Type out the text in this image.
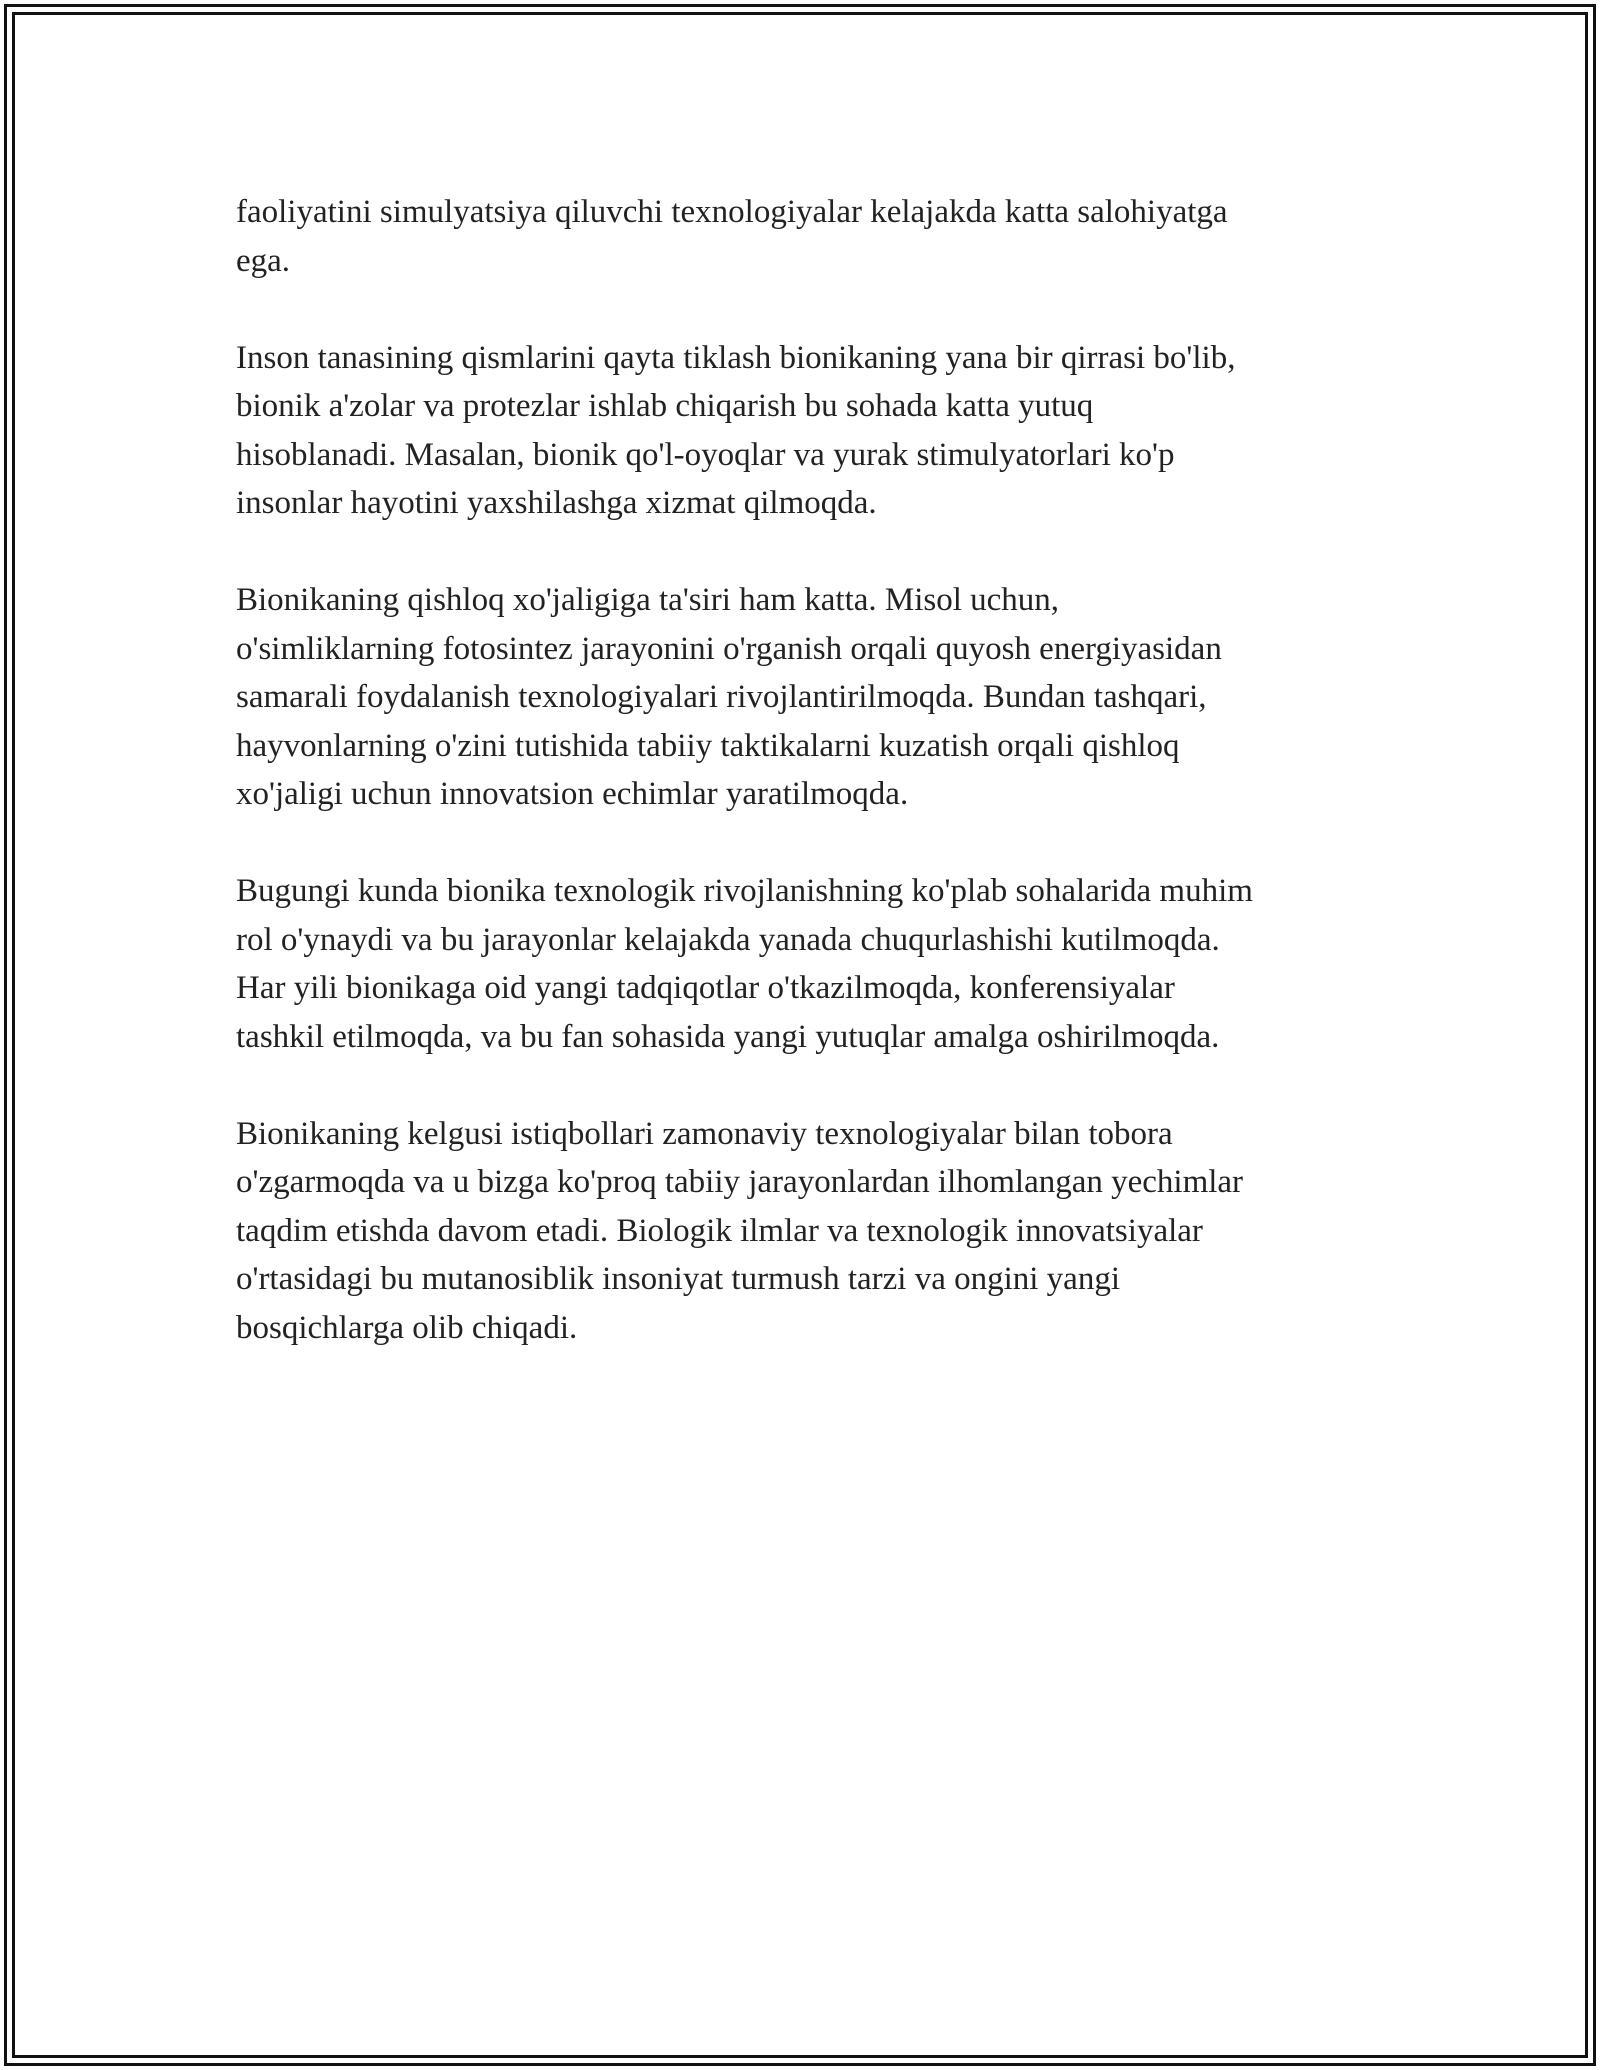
faoliyatini simulyatsiya qiluvchi texnologiyalar kelajakda katta salohiyatga
ega.

Inson tanasining qismlarini qayta tiklash bionikaning yana bir qirrasi bo'lib,
bionik a'zolar va protezlar ishlab chiqarish bu sohada katta yutuq
hisoblanadi. Masalan, bionik qo'l-oyoqlar va yurak stimulyatorlari ko'p
insonlar hayotini yaxshilashga xizmat qilmoqda.

Bionikaning qishloq xo'jaligiga ta'siri ham katta. Misol uchun,
o'simliklarning fotosintez jarayonini o'rganish orqali quyosh energiyasidan
samarali foydalanish texnologiyalari rivojlantirilmoqda. Bundan tashqari,
hayvonlarning o'zini tutishida tabiiy taktikalarni kuzatish orqali qishloq
xo'jaligi uchun innovatsion echimlar yaratilmoqda.

Bugungi kunda bionika texnologik rivojlanishning ko'plab sohalarida muhim
rol o'ynaydi va bu jarayonlar kelajakda yanada chuqurlashishi kutilmoqda.
Har yili bionikaga oid yangi tadqiqotlar o'tkazilmoqda, konferensiyalar
tashkil etilmoqda, va bu fan sohasida yangi yutuqlar amalga oshirilmoqda.

Bionikaning kelgusi istiqbollari zamonaviy texnologiyalar bilan tobora
o'zgarmoqda va u bizga ko'proq tabiiy jarayonlardan ilhomlangan yechimlar
taqdim etishda davom etadi. Biologik ilmlar va texnologik innovatsiyalar
o'rtasidagi bu mutanosiblik insoniyat turmush tarzi va ongini yangi
bosqichlarga olib chiqadi.
